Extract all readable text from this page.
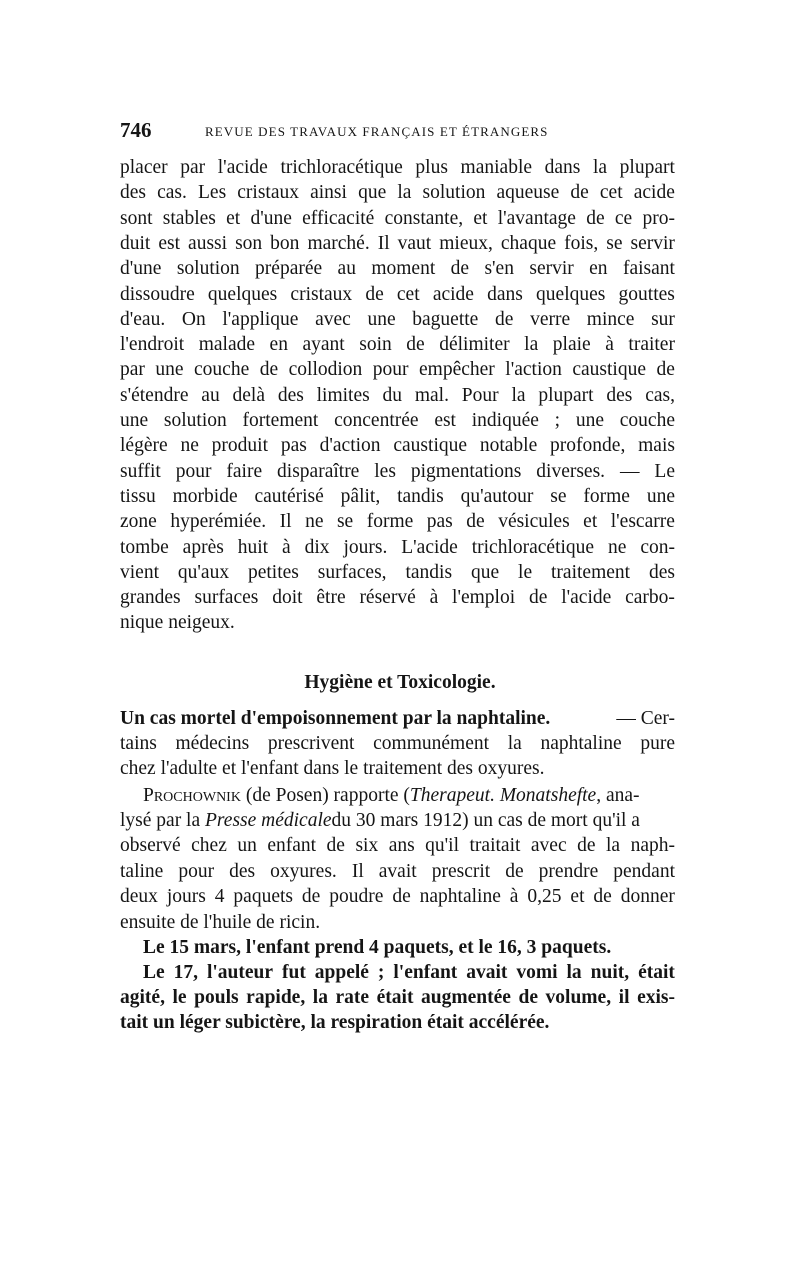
746	REVUE DES TRAVAUX FRANÇAIS ET ÉTRANGERS
placer par l'acide trichloracétique plus maniable dans la plupart
des cas. Les cristaux ainsi que la solution aqueuse de cet acide
sont stables et d'une efficacité constante, et l'avantage de ce pro-
duit est aussi son bon marché. Il vaut mieux, chaque fois, se servir
d'une solution préparée au moment de s'en servir en faisant
dissoudre quelques cristaux de cet acide dans quelques gouttes
d'eau. On l'applique avec une baguette de verre mince sur
l'endroit malade en ayant soin de délimiter la plaie à traiter
par une couche de collodion pour empêcher l'action caustique de
s'étendre au delà des limites du mal. Pour la plupart des cas,
une solution fortement concentrée est indiquée ; une couche
légère ne produit pas d'action caustique notable profonde, mais
suffit pour faire disparaître les pigmentations diverses. — Le
tissu morbide cautérisé pâlit, tandis qu'autour se forme une
zone hyperémiée. Il ne se forme pas de vésicules et l'escarre
tombe après huit à dix jours. L'acide trichloracétique ne con-
vient qu'aux petites surfaces, tandis que le traitement des
grandes surfaces doit être réservé à l'emploi de l'acide carbo-
nique neigeux.
Hygiène et Toxicologie.
Un cas mortel d'empoisonnement par la naphtaline.	— Cer-
tains médecins prescrivent communément la naphtaline pure
chez l'adulte et l'enfant dans le traitement des oxyures.
Prochownik (de Posen) rapporte (Therapeut. Monatshefte, ana-
lysé par la
Presse médicale du 30 mars 1912) un cas de mort qu'il a
observé chez un enfant de six ans qu'il traitait avec de la naph-
taline pour des oxyures. Il avait prescrit de prendre pendant
deux jours 4 paquets de poudre de naphtaline à 0,25 et de donner
ensuite de l'huile de ricin.
Le 15 mars, l'enfant prend 4 paquets, et le 16, 3 paquets.
Le 17, l'auteur fut appelé ; l'enfant avait vomi la nuit, était
agité, le pouls rapide, la rate était augmentée de volume, il exis-
tait un léger subictère, la respiration était accélérée.
